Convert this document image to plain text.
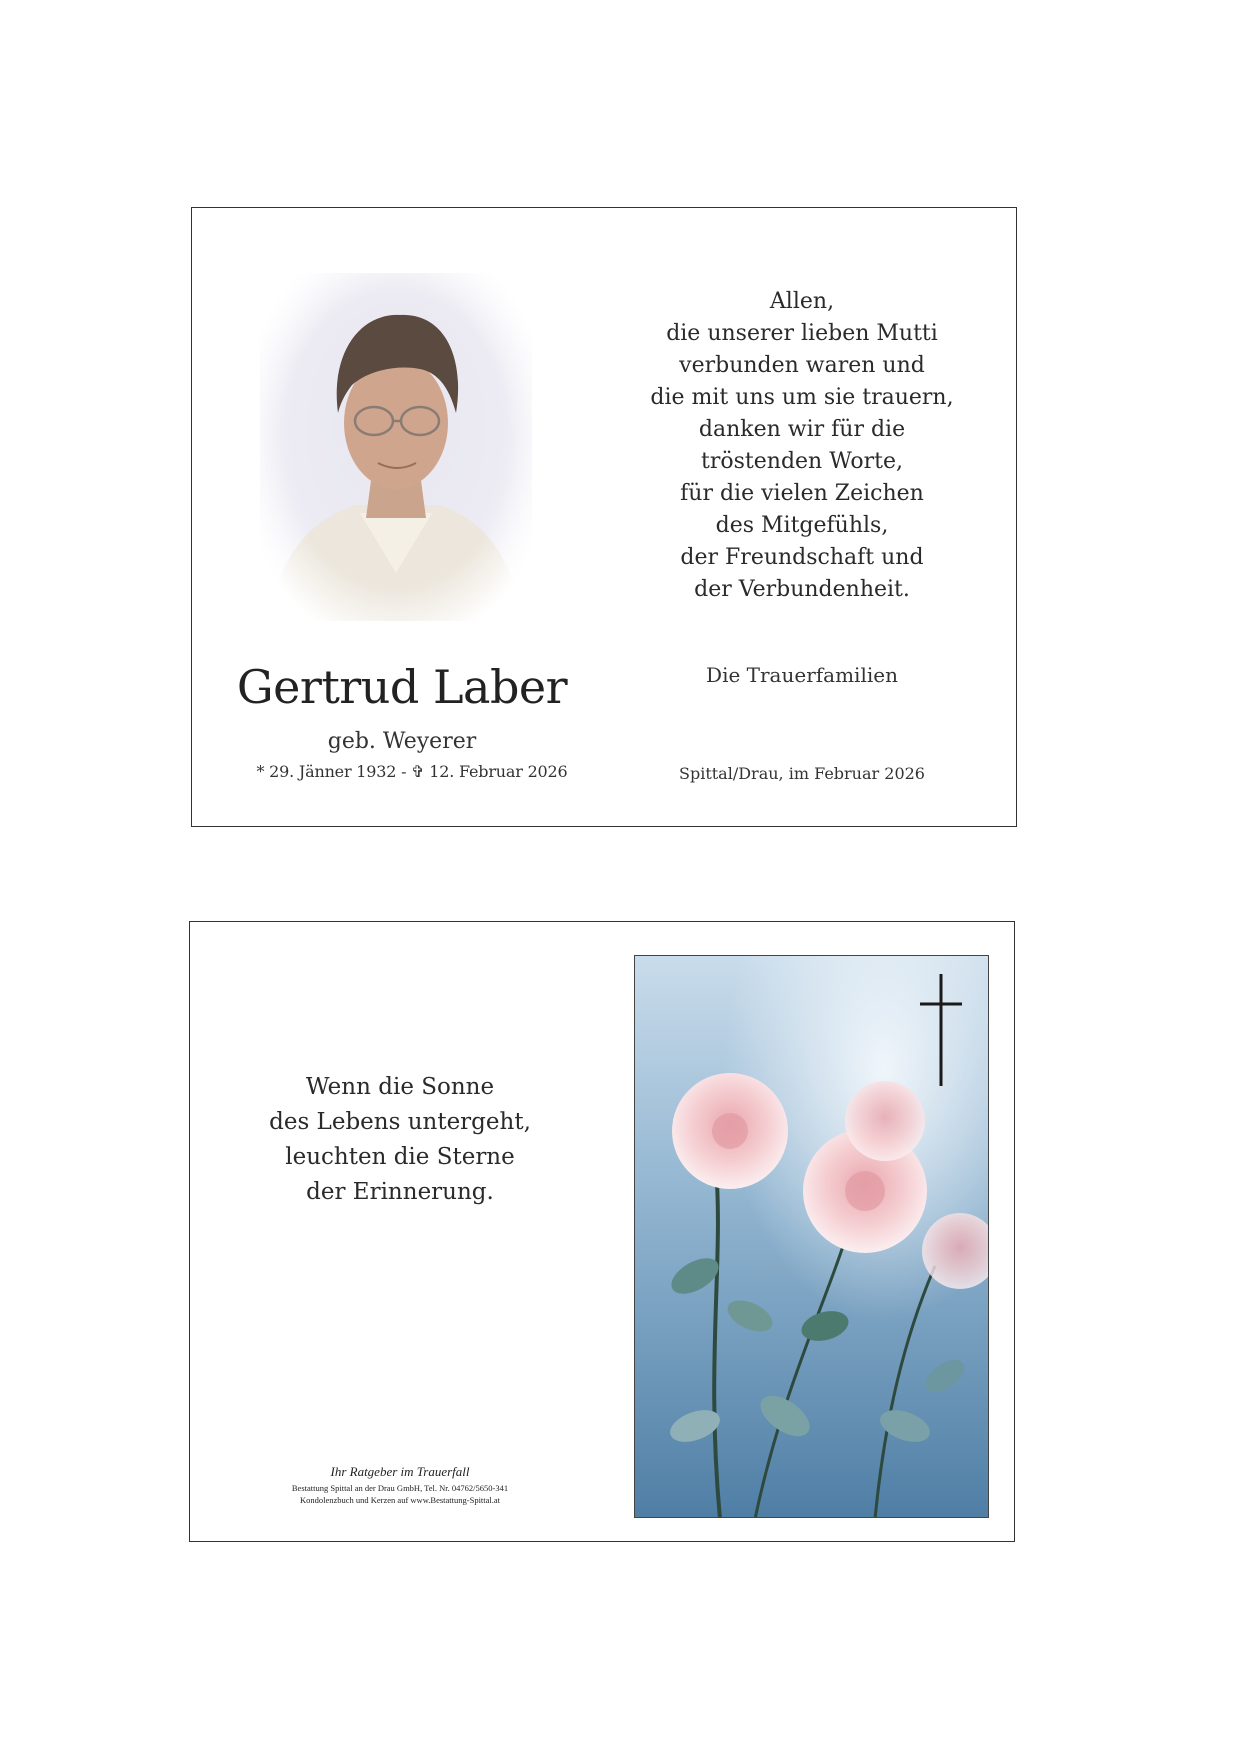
Gertrud Laber
geb. Weyerer
* 29. Jänner 1932 - ✞ 12. Februar 2026
Allen,
die unserer lieben Mutti
verbunden waren und
die mit uns um sie trauern,
danken wir für die
tröstenden Worte,
für die vielen Zeichen
des Mitgefühls,
der Freundschaft und
der Verbundenheit.
Die Trauerfamilien
Spittal/Drau, im Februar 2026
Wenn die Sonne
des Lebens untergeht,
leuchten die Sterne
der Erinnerung.
Ihr Ratgeber im Trauerfall
Bestattung Spittal an der Drau GmbH, Tel. Nr. 04762/5650-341
Kondolenzbuch und Kerzen auf www.Bestattung-Spittal.at
